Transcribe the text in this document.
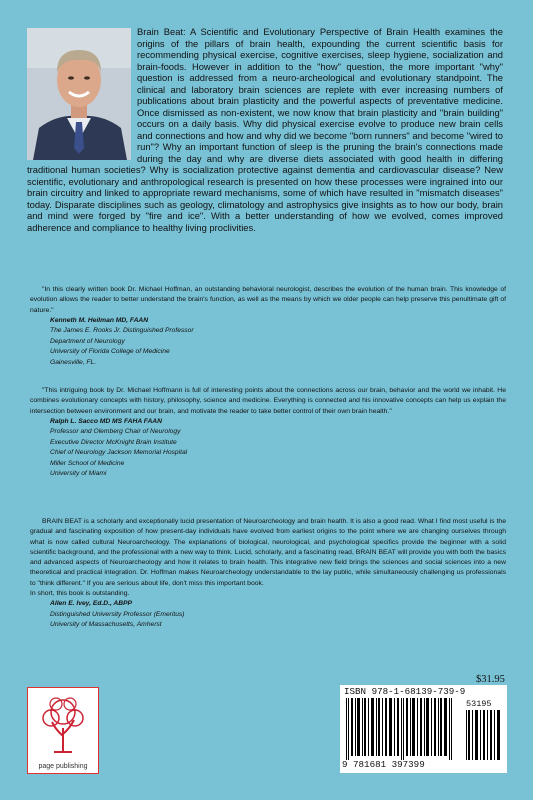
Brain Beat: A Scientific and Evolutionary Perspective of Brain Health examines the origins of the pillars of brain health, expounding the current scientific basis for recommending physical exercise, cognitive exercises, sleep hygiene, socialization and brain-foods. However in addition to the "how" question, the more important "why" question is addressed from a neuro-archeological and evolutionary standpoint. The clinical and laboratory brain sciences are replete with ever increasing numbers of publications about brain plasticity and the powerful aspects of preventative medicine. Once dismissed as non-existent, we now know that brain plasticity and "brain building" occurs on a daily basis. Why did physical exercise evolve to produce new brain cells and connections and how and why did we become "born runners" and become "wired to run"? Why an important function of sleep is the pruning the brain's connections made during the day and why are diverse diets associated with good health in differing traditional human societies? Why is socialization protective against dementia and cardiovascular disease? New scientific, evolutionary and anthropological research is presented on how these processes were ingrained into our brain circuitry and linked to appropriate reward mechanisms, some of which have resulted in "mismatch diseases" today. Disparate disciplines such as geology, climatology and astrophysics give insights as to how our body, brain and mind were forged by "fire and ice". With a better understanding of how we evolved, comes improved adherence and compliance to healthy living proclivities.

"In this clearly written book Dr. Michael Hoffman, an outstanding behavioral neurologist, describes the evolution of the human brain. This knowledge of evolution allows the reader to better understand the brain's function, as well as the means by which we older people can help preserve this penultimate gift of nature."

Kenneth M. Heilman MD, FAAN
The James E. Rooks Jr. Distinguished Professor
Department of Neurology
University of Florida College of Medicine
Gainesville, FL.

"This intriguing book by Dr. Michael Hoffmann is full of interesting points about the connections across our brain, behavior and the world we inhabit. He combines evolutionary concepts with history, philosophy, science and medicine. Everything is connected and his innovative concepts can help us explain the intersection between environment and our brain, and motivate the reader to take better control of their own brain health."

Ralph L. Sacco MD MS FAHA FAAN
Professor and Olemberg Chair of Neurology
Executive Director McKnight Brain Institute
Chief of Neurology Jackson Memorial Hospital
Miller School of Medicine
University of Miami

BRAIN BEAT is a scholarly and exceptionally lucid presentation of Neuroarcheology and brain health. It is also a good read. What I find most useful is the gradual and fascinating exposition of how present-day individuals have evolved from earliest origins to the point where we are changing ourselves through what is now called cultural Neuroarcheology. The explanations of biological, neurological, and psychological specifics provide the beginner with a solid scientific background, and the professional with a new way to think. Lucid, scholarly, and a fascinating read, BRAIN BEAT will provide you with both the basics and advanced aspects of Neuroarcheology and how it relates to brain health. This integrative new field brings the sciences and social sciences into a new theoretical and practical integration. Dr. Hoffman makes Neuroarcheology understandable to the lay public, while simultaneously challenging us professionals to "think different." If you are serious about life, don't miss this important book.

In short, this book is outstanding.
Allen E. Ivey, Ed.D., ABPP
Distinguished University Professor (Emeritus)
University of Massachusetts, Amherst
page publishing
$31.95
ISBN 978-1-68139-739-9
53195
9 781681 397399
